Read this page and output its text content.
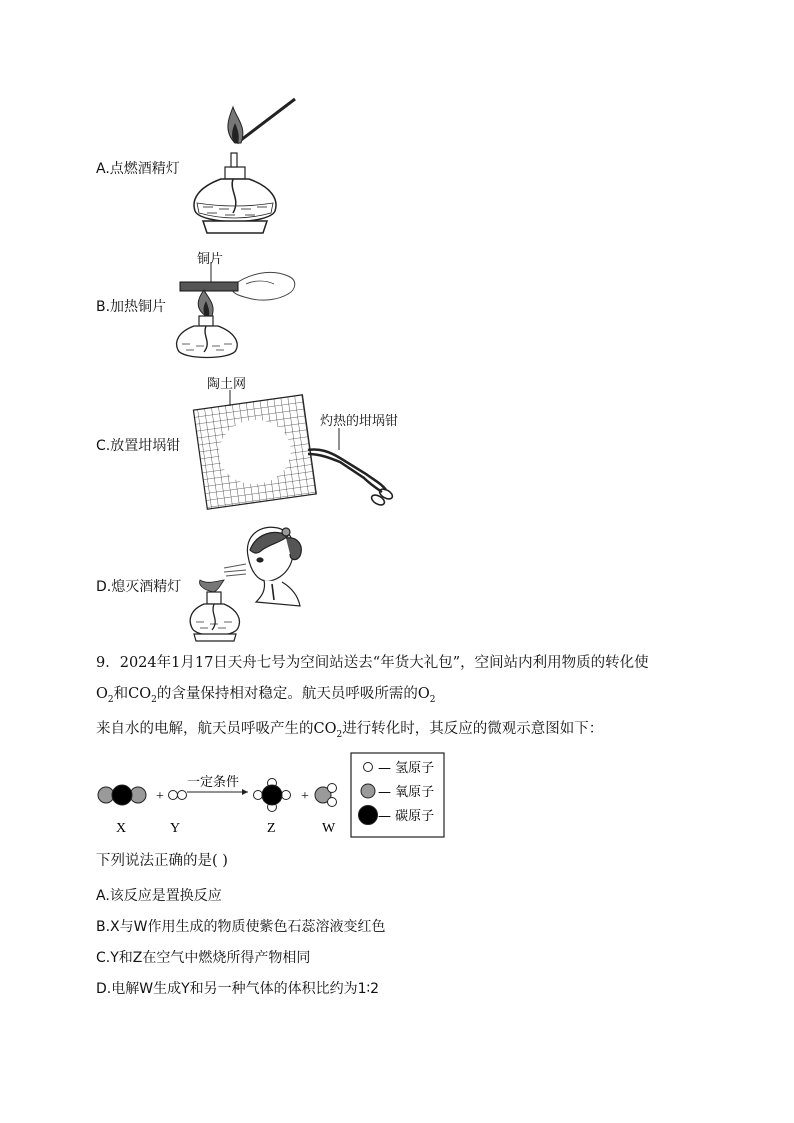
A.点燃酒精灯
铜片
B.加热铜片
陶土网
灼热的坩埚钳
C.放置坩埚钳
D.熄灭酒精灯
9．2024年1月17日天舟七号为空间站送去“年货大礼包”，空间站内利用物质的转化使
$O_2$和$CO_2$的含量保持相对稳定。航天员呼吸所需的$O_2$
来自水的电解，航天员呼吸产生的$CO_2$进行转化时，其反应的微观示意图如下：
+
一定条件
+
X	Y	Z	W
— 氢原子
— 氧原子
— 碳原子
下列说法正确的是( )
A.该反应是置换反应
B.X与W作用生成的物质使紫色石蕊溶液变红色
C.Y和Z在空气中燃烧所得产物相同
D.电解W生成Y和另一种气体的体积比约为1∶2
